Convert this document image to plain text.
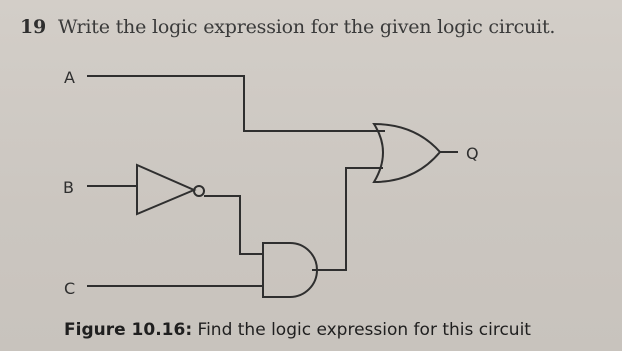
19 Write the logic expression for the given logic circuit.
A
B
C
Q
Figure 10.16: Find the logic expression for this circuit
